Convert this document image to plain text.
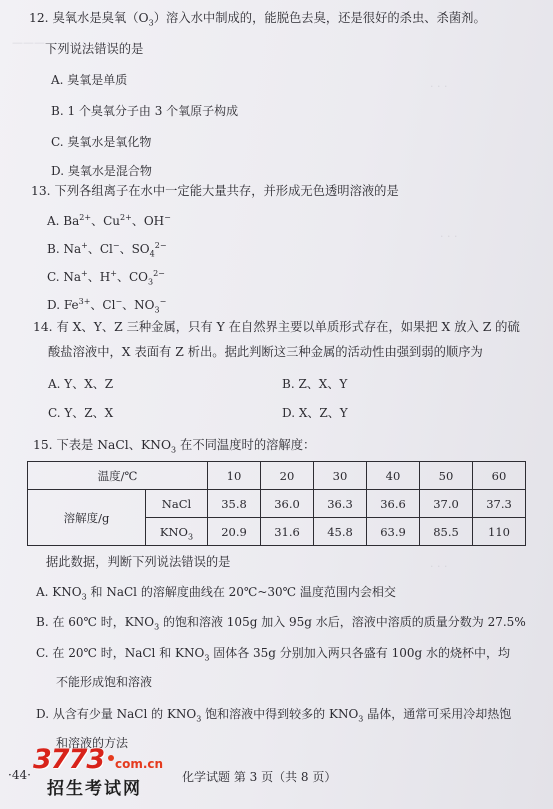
———
· · ·
· · ·
· · ·
12. 臭氧水是臭氧$(O_3)$溶入水中制成的，能脱色去臭，还是很好的杀虫、杀菌剂。
下列说法错误的是
A. 臭氧是单质
B. 1 个臭氧分子由 3 个氧原子构成
C. 臭氧水是氧化物
D. 臭氧水是混合物
13. 下列各组离子在水中一定能大量共存，并形成无色透明溶液的是
A. $Ba^{2+}$、$Cu^{2+}$、OH−
B. Na+、Cl−、$SO_4^{2-}$
C. Na+、H+、$CO_3^{2-}$
D. $Fe^{3+}$、Cl−、$NO_3^-$
14. 有 X、Y、Z 三种金属，只有 Y 在自然界主要以单质形式存在，如果把 X 放入 Z 的硫
酸盐溶液中，X 表面有 Z 析出。据此判断这三种金属的活动性由强到弱的顺序为
A. Y、X、Z	B. Z、X、Y
C. Y、Z、X	D. X、Z、Y
15. 下表是 NaCl、$KNO_3$ 在不同温度时的溶解度：
温度/℃		10	20	30	40	50	60
溶解度/g	NaCl	35.8	36.0	36.3	36.6	37.0	37.3
	$KNO_3$	20.9	31.6	45.8	63.9	85.5	110
据此数据，判断下列说法错误的是
A. $KNO_3$ 和 NaCl 的溶解度曲线在 20℃~30℃ 温度范围内会相交
B. 在 60℃ 时，$KNO_3$ 的饱和溶液 105g 加入 95g 水后，溶液中溶质的质量分数为 27.5%
C. 在 20℃ 时，NaCl 和 $KNO_3$ 固体各 35g 分别加入两只各盛有 100g 水的烧杯中，均
不能形成饱和溶液
D. 从含有少量 NaCl 的 $KNO_3$ 饱和溶液中得到较多的 $KNO_3$ 晶体，通常可采用冷却热饱
和溶液的方法
·44·	化学试题 第 3 页（共 8 页）
3773 com.cn
招生考试网
